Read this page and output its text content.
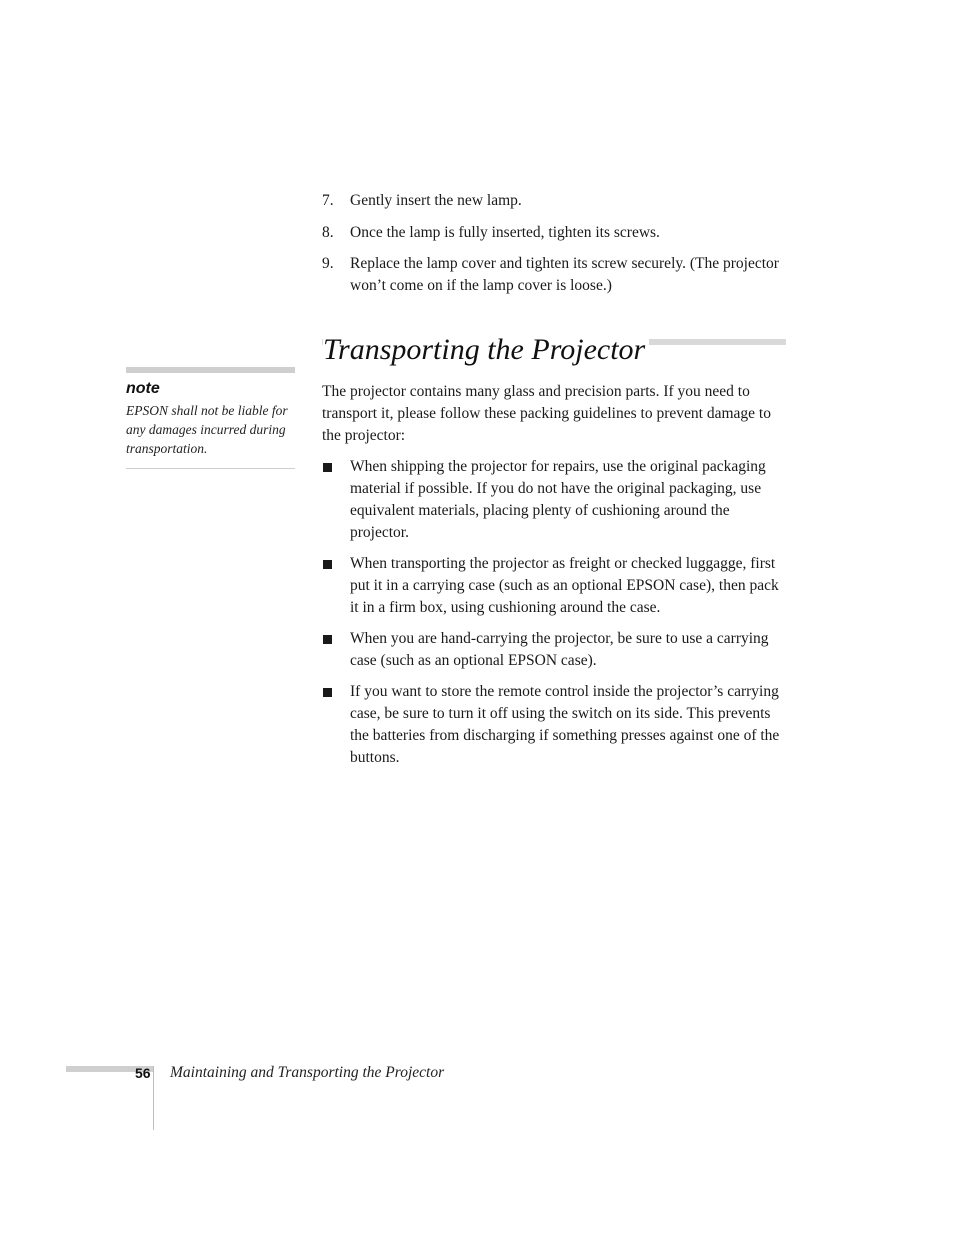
7. Gently insert the new lamp.
8. Once the lamp is fully inserted, tighten its screws.
9. Replace the lamp cover and tighten its screw securely. (The projector won’t come on if the lamp cover is loose.)
Transporting the Projector

The projector contains many glass and precision parts. If you need to transport it, please follow these packing guidelines to prevent damage to the projector:

When shipping the projector for repairs, use the original packaging material if possible. If you do not have the original packaging, use equivalent materials, placing plenty of cushioning around the projector.
When transporting the projector as freight or checked luggagge, first put it in a carrying case (such as an optional EPSON case), then pack it in a firm box, using cushioning around the case.
When you are hand-carrying the projector, be sure to use a carrying case (such as an optional EPSON case).
If you want to store the remote control inside the projector’s carrying case, be sure to turn it off using the switch on its side. This prevents the batteries from discharging if something presses against one of the buttons.
note

EPSON shall not be liable for any damages incurred during transportation.

56 Maintaining and Transporting the Projector
